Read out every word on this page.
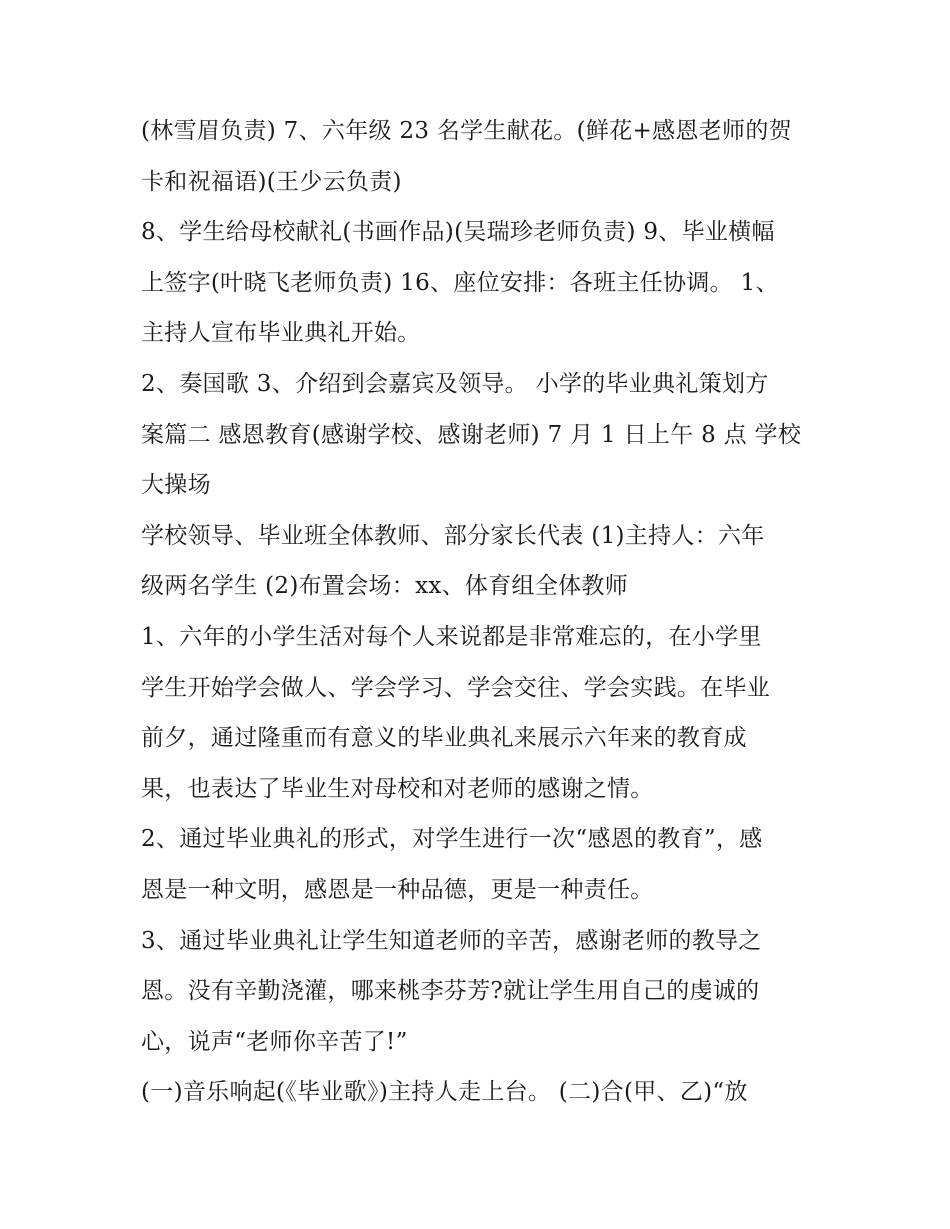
(林雪眉负责) 7、六年级 23 名学生献花。(鲜花+感恩老师的贺
卡和祝福语)(王少云负责)
8、学生给母校献礼(书画作品)(吴瑞珍老师负责) 9、毕业横幅
上签字(叶晓飞老师负责) 16、座位安排：各班主任协调。 1、
主持人宣布毕业典礼开始。
2、奏国歌 3、介绍到会嘉宾及领导。 小学的毕业典礼策划方
案篇二 感恩教育(感谢学校、感谢老师) 7 月 1 日上午 8 点 学校
大操场
学校领导、毕业班全体教师、部分家长代表 (1)主持人：六年
级两名学生 (2)布置会场：xx、体育组全体教师
1、六年的小学生活对每个人来说都是非常难忘的，在小学里
学生开始学会做人、学会学习、学会交往、学会实践。在毕业
前夕，通过隆重而有意义的毕业典礼来展示六年来的教育成
果，也表达了毕业生对母校和对老师的感谢之情。
2、通过毕业典礼的形式，对学生进行一次“感恩的教育”，感
恩是一种文明，感恩是一种品德，更是一种责任。
3、通过毕业典礼让学生知道老师的辛苦，感谢老师的教导之
恩。没有辛勤浇灌，哪来桃李芬芳?就让学生用自己的虔诚的
心，说声“老师你辛苦了!”
(一)音乐响起(《毕业歌》)主持人走上台。 (二)合(甲、乙)“放
